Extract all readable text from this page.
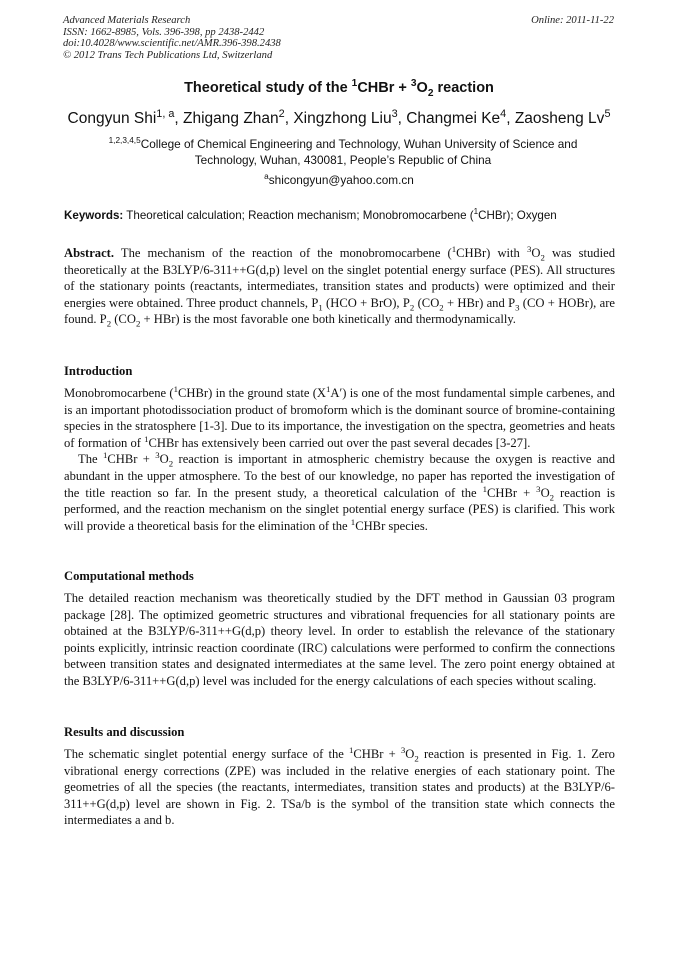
Advanced Materials Research
ISSN: 1662-8985, Vols. 396-398, pp 2438-2442
doi:10.4028/www.scientific.net/AMR.396-398.2438
© 2012 Trans Tech Publications Ltd, Switzerland
Online: 2011-11-22
Theoretical study of the $^1$CHBr + $^3O_2$ reaction
Congyun Shi$^{1, a}$, Zhigang Zhan$^2$, Xingzhong Liu$^3$, Changmei Ke$^4$, Zaosheng Lv$^5$
$^{1,2,3,4,5}$College of Chemical Engineering and Technology, Wuhan University of Science and Technology, Wuhan, 430081, People’s Republic of China
$^a$shicongyun@yahoo.com.cn
Keywords: Theoretical calculation; Reaction mechanism; Monobromocarbene ($^1$CHBr); Oxygen

Abstract. The mechanism of the reaction of the monobromocarbene ($^1$CHBr) with $^3O_2$ was studied theoretically at the B3LYP/6-311++G(d,p) level on the singlet potential energy surface (PES). All structures of the stationary points (reactants, intermediates, transition states and products) were optimized and their energies were obtained. Three product channels, $P_1$ (HCO + BrO), $P_2$ $(CO_2 + HBr)$ and $P_3$ (CO + HOBr), are found. $P_2$ $(CO_2 + HBr)$ is the most favorable one both kinetically and thermodynamically.

Introduction

Monobromocarbene ($^1$CHBr) in the ground state $(X^1A')$ is one of the most fundamental simple carbenes, and is an important photodissociation product of bromoform which is the dominant source of bromine-containing species in the stratosphere [1-3]. Due to its importance, the investigation on the spectra, geometries and heats of formation of $^1$CHBr has extensively been carried out over the past several decades [3-27].

The $^1$CHBr + $^3O_2$ reaction is important in atmospheric chemistry because the oxygen is reactive and abundant in the upper atmosphere. To the best of our knowledge, no paper has reported the investigation of the title reaction so far. In the present study, a theoretical calculation of the $^1$CHBr + $^3O_2$ reaction is performed, and the reaction mechanism on the singlet potential energy surface (PES) is clarified. This work will provide a theoretical basis for the elimination of the $^1$CHBr species.

Computational methods

The detailed reaction mechanism was theoretically studied by the DFT method in Gaussian 03 program package [28]. The optimized geometric structures and vibrational frequencies for all stationary points are obtained at the B3LYP/6-311++G(d,p) theory level. In order to establish the relevance of the stationary points explicitly, intrinsic reaction coordinate (IRC) calculations were performed to confirm the connections between transition states and designated intermediates at the same level. The zero point energy obtained at the B3LYP/6-311++G(d,p) level was included for the energy calculations of each species without scaling.

Results and discussion

The schematic singlet potential energy surface of the $^1$CHBr + $^3O_2$ reaction is presented in Fig. 1. Zero vibrational energy corrections (ZPE) was included in the relative energies of each stationary point. The geometries of all the species (the reactants, intermediates, transition states and products) at the B3LYP/6-311++G(d,p) level are shown in Fig. 2. TSa/b is the symbol of the transition state which connects the intermediates a and b.
